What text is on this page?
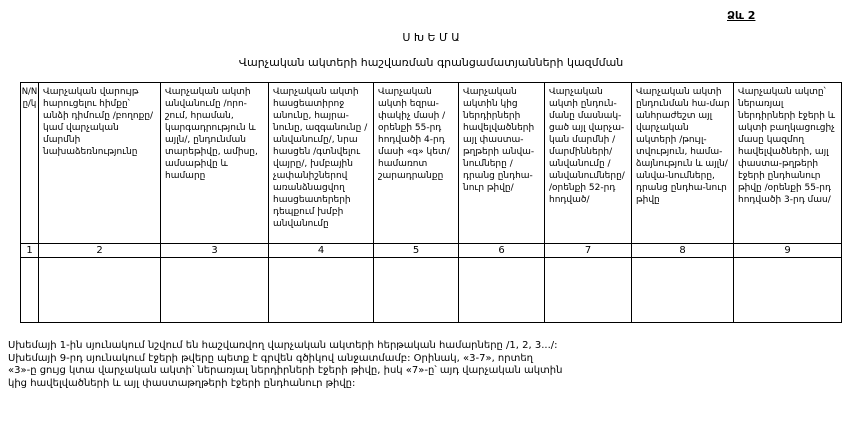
Ձև 2
Ս Խ Ե Մ Ա
Վարչական ակտերի հաշվառման գրանցամատյանների կազմման
N/N ը/կ	Վարչական վարույթ հարուցելու հիմքը՝ անձի դիմումը /բողոքը/ կամ վարչական մարմնի նախաձեռնությունը	Վարչական ակտի անվանումը /որո-շում, հրաման, կարգադրություն և այլն/, ընդունման տարեթիվը, ամիսը, ամսաթիվը և համարը	Վարչական ակտի հասցեատիրոջ անունը, հայրա-նունը, ազգանունը /անվանումը/, նրա հասցեն /գտնվելու վայրը/, խմբային չափանիշներով առանձնացվող հասցեատերերի դեպքում խմբի անվանումը	Վարչական ակտի եզրա-փակիչ մասի /օրենքի 55-րդ հոդվածի 4-րդ մասի «գ» կետ/ համառոտ շարադրանքը	Վարչական ակտին կից ներդիրների հավելվածների այլ փաստա-թղթերի անվա-նումները /դրանց ընդհա-նուր թիվը/	Վարչական ակտի ընդուն-մանը մասնակ-ցած այլ վարչա-կան մարմնի /մարմինների/ անվանումը /անվանումները/ /օրենքի 52-րդ հոդված/	Վարչական ակտի ընդունման հա-մար անհրաժեշտ այլ վարչական ակտերի /թույլ-տվություն, համա-ձայնություն և այլն/ անվա-նումները, դրանց ընդհա-նուր թիվը	Վարչական ակտը՝ ներառյալ ներդիրների էջերի և ակտի բաղկացուցիչ մասը կազմող հավելվածների, այլ փաստա-թղթերի էջերի ընդհանուր թիվը /օրենքի 55-րդ հոդվածի 3-րդ մաս/
1	2	3	4	5	6	7	8	9

Սխեմայի 1-ին սյունակում նշվում են հաշվառվող վարչական ակտերի հերթական համարները /1, 2, 3.../:
Սխեմայի 9-րդ սյունակում էջերի թվերը պետք է գրվեն գծիկով անջատմամբ: Օրինակ, «3-7», որտեղ
«3»-ը ցույց կտա վարչական ակտի՝ ներառյալ ներդիրների էջերի թիվը, իսկ «7»-ը՝ այդ վարչական ակտին
կից հավելվածների և այլ փաստաթղթերի էջերի ընդհանուր թիվը:
